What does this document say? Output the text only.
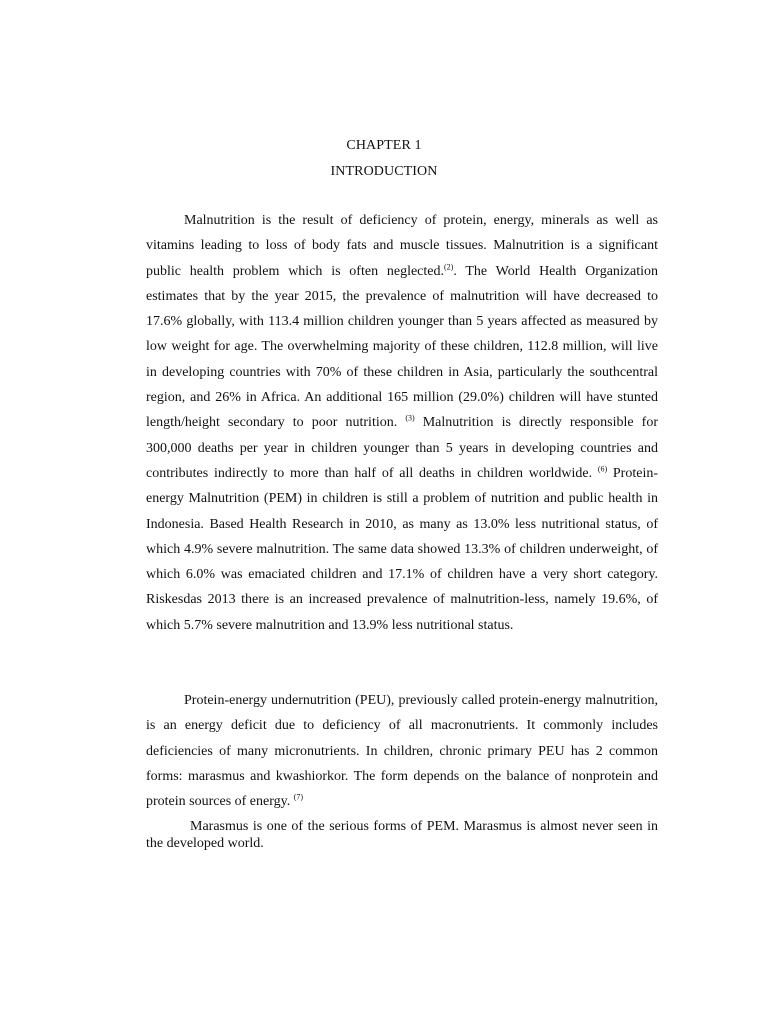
CHAPTER 1
INTRODUCTION

Malnutrition is the result of deficiency of protein, energy, minerals as well as vitamins leading to loss of body fats and muscle tissues. Malnutrition is a significant public health problem which is often neglected.$^{(2)}$. The World Health Organization estimates that by the year 2015, the prevalence of malnutrition will have decreased to 17.6% globally, with 113.4 million children younger than 5 years affected as measured by low weight for age. The overwhelming majority of these children, 112.8 million, will live in developing countries with 70% of these children in Asia, particularly the southcentral region, and 26% in Africa. An additional 165 million (29.0%) children will have stunted length/height secondary to poor nutrition. $^{(3)}$ Malnutrition is directly responsible for 300,000 deaths per year in children younger than 5 years in developing countries and contributes indirectly to more than half of all deaths in children worldwide. $^{(6)}$ Protein-energy Malnutrition (PEM) in children is still a problem of nutrition and public health in Indonesia. Based Health Research in 2010, as many as 13.0% less nutritional status, of which 4.9% severe malnutrition. The same data showed 13.3% of children underweight, of which 6.0% was emaciated children and 17.1% of children have a very short category. Riskesdas 2013 there is an increased prevalence of malnutrition-less, namely 19.6%, of which 5.7% severe malnutrition and 13.9% less nutritional status.

Protein-energy undernutrition (PEU), previously called protein-energy malnutrition, is an energy deficit due to deficiency of all macronutrients. It commonly includes deficiencies of many micronutrients. In children, chronic primary PEU has 2 common forms: marasmus and kwashiorkor. The form depends on the balance of nonprotein and protein sources of energy. $^{(7)}$

Marasmus is one of the serious forms of PEM. Marasmus is almost never seen in the developed world.
